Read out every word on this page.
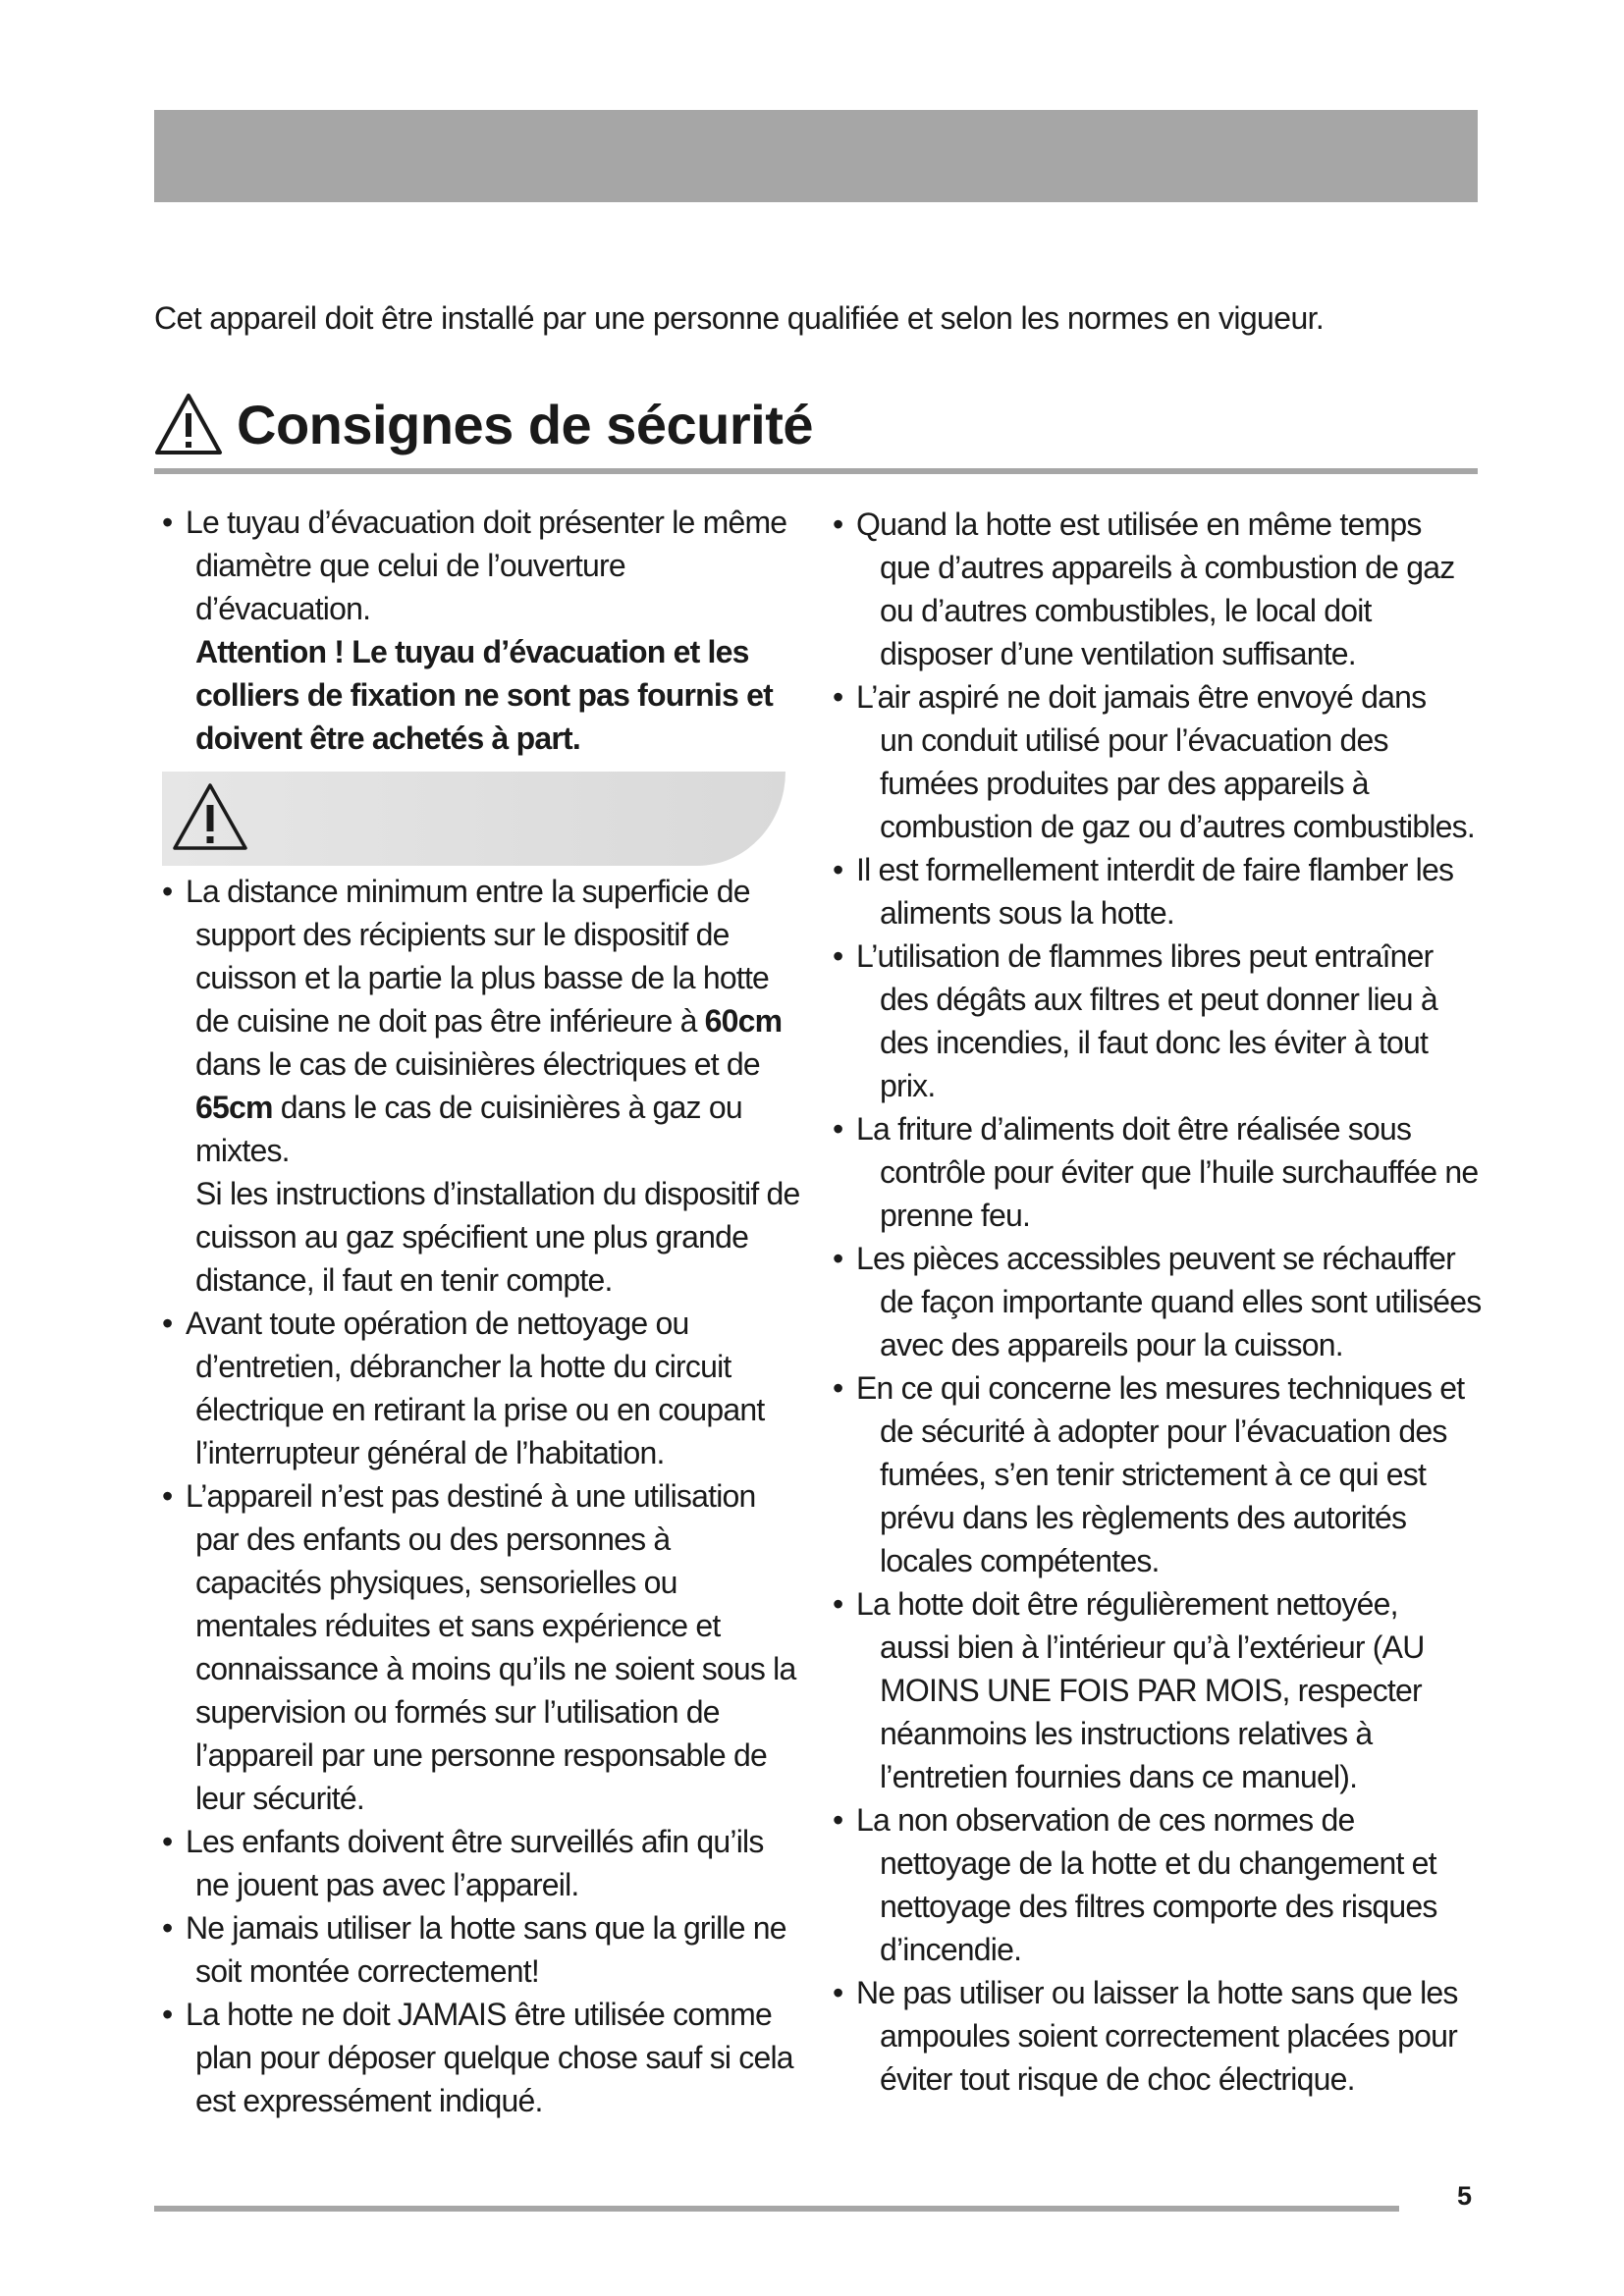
Cet appareil doit être installé par une personne qualifiée et selon les normes en vigueur.
Consignes de sécurité
• Le tuyau d’évacuation doit présenter le même
diamètre que celui de l’ouverture
d’évacuation.
Attention ! Le tuyau d’évacuation et les
colliers de fixation ne sont pas fournis et
doivent être achetés à part.
• La distance minimum entre la superficie de
support des récipients sur le dispositif de
cuisson et la partie la plus basse de la hotte
de cuisine ne doit pas être inférieure à 60cm
dans le cas de cuisinières électriques et de
65cm dans le cas de cuisinières à gaz ou
mixtes.
Si les instructions d’installation du dispositif de
cuisson au gaz spécifient une plus grande
distance, il faut en tenir compte.
• Avant toute opération de nettoyage ou
d’entretien, débrancher la hotte du circuit
électrique en retirant la prise ou en coupant
l’interrupteur général de l’habitation.
• L’appareil n’est pas destiné à une utilisation
par des enfants ou des personnes à
capacités physiques, sensorielles ou
mentales réduites et sans expérience et
connaissance à moins qu’ils ne soient sous la
supervision ou formés sur l’utilisation de
l’appareil par une personne responsable de
leur sécurité.
• Les enfants doivent être surveillés afin qu’ils
ne jouent pas avec l’appareil.
• Ne jamais utiliser la hotte sans que la grille ne
soit montée correctement!
• La hotte ne doit JAMAIS être utilisée comme
plan pour déposer quelque chose sauf si cela
est expressément indiqué.
• Quand la hotte est utilisée en même temps
que d’autres appareils à combustion de gaz
ou d’autres combustibles, le local doit
disposer d’une ventilation suffisante.
• L’air aspiré ne doit jamais être envoyé dans
un conduit utilisé pour l’évacuation des
fumées produites par des appareils à
combustion de gaz ou d’autres combustibles.
• Il est formellement interdit de faire flamber les
aliments sous la hotte.
• L’utilisation de flammes libres peut entraîner
des dégâts aux filtres et peut donner lieu à
des incendies, il faut donc les éviter à tout
prix.
• La friture d’aliments doit être réalisée sous
contrôle pour éviter que l’huile surchauffée ne
prenne feu.
• Les pièces accessibles peuvent se réchauffer
de façon importante quand elles sont utilisées
avec des appareils pour la cuisson.
• En ce qui concerne les mesures techniques et
de sécurité à adopter pour l’évacuation des
fumées, s’en tenir strictement à ce qui est
prévu dans les règlements des autorités
locales compétentes.
• La hotte doit être régulièrement nettoyée,
aussi bien à l’intérieur qu’à l’extérieur (AU
MOINS UNE FOIS PAR MOIS, respecter
néanmoins les instructions relatives à
l’entretien fournies dans ce manuel).
• La non observation de ces normes de
nettoyage de la hotte et du changement et
nettoyage des filtres comporte des risques
d’incendie.
• Ne pas utiliser ou laisser la hotte sans que les
ampoules soient correctement placées pour
éviter tout risque de choc électrique.
5
